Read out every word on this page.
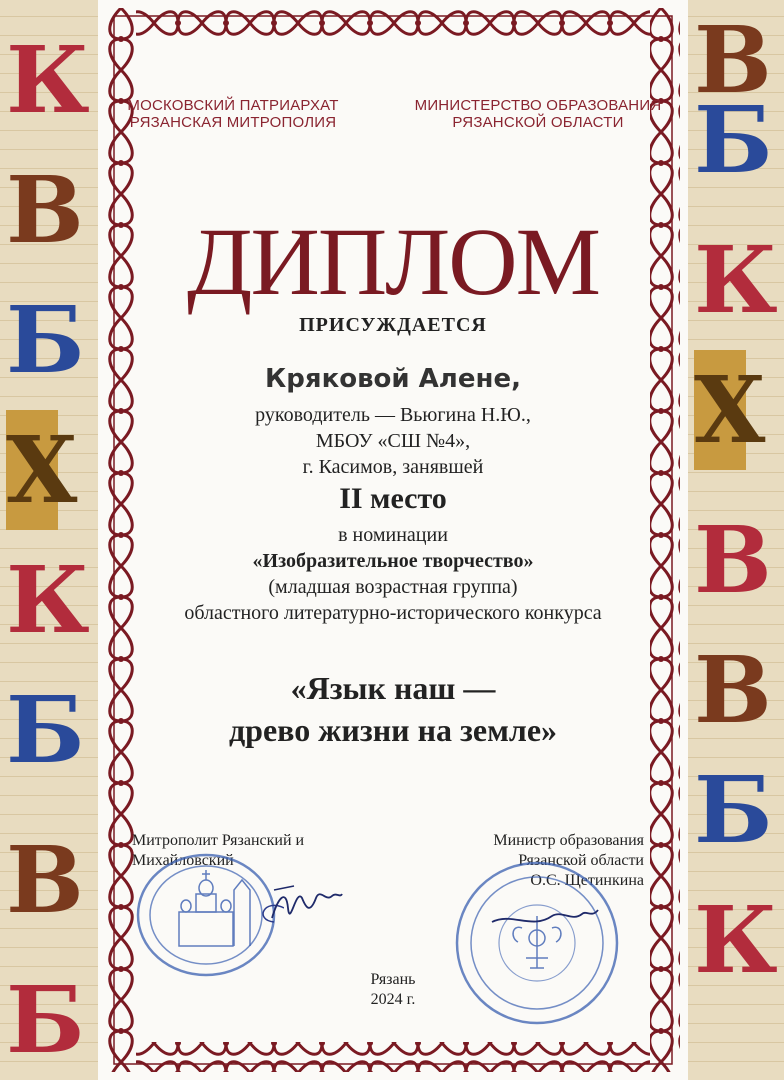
К
В
Б
Х
К
Б
В
Б
В
Б
К
Х
В
В
Б
К
МОСКОВСКИЙ ПАТРИАРХАТ
РЯЗАНСКАЯ МИТРОПОЛИЯ
МИНИСТЕРСТВО ОБРАЗОВАНИЯ
РЯЗАНСКОЙ ОБЛАСТИ
ДИПЛОМ
ПРИСУЖДАЕТСЯ
Кряковой Алене,
руководитель — Вьюгина Н.Ю.,
МБОУ «СШ №4»,
г. Касимов, занявшей
II место
в номинации
«Изобразительное творчество»
(младшая возрастная группа)
областного литературно-исторического конкурса
«Язык наш —
древо жизни на земле»
Митрополит Рязанский и
Михайловский
Министр образования
Рязанской области
О.С. Щетинкина
Рязань
2024 г.
